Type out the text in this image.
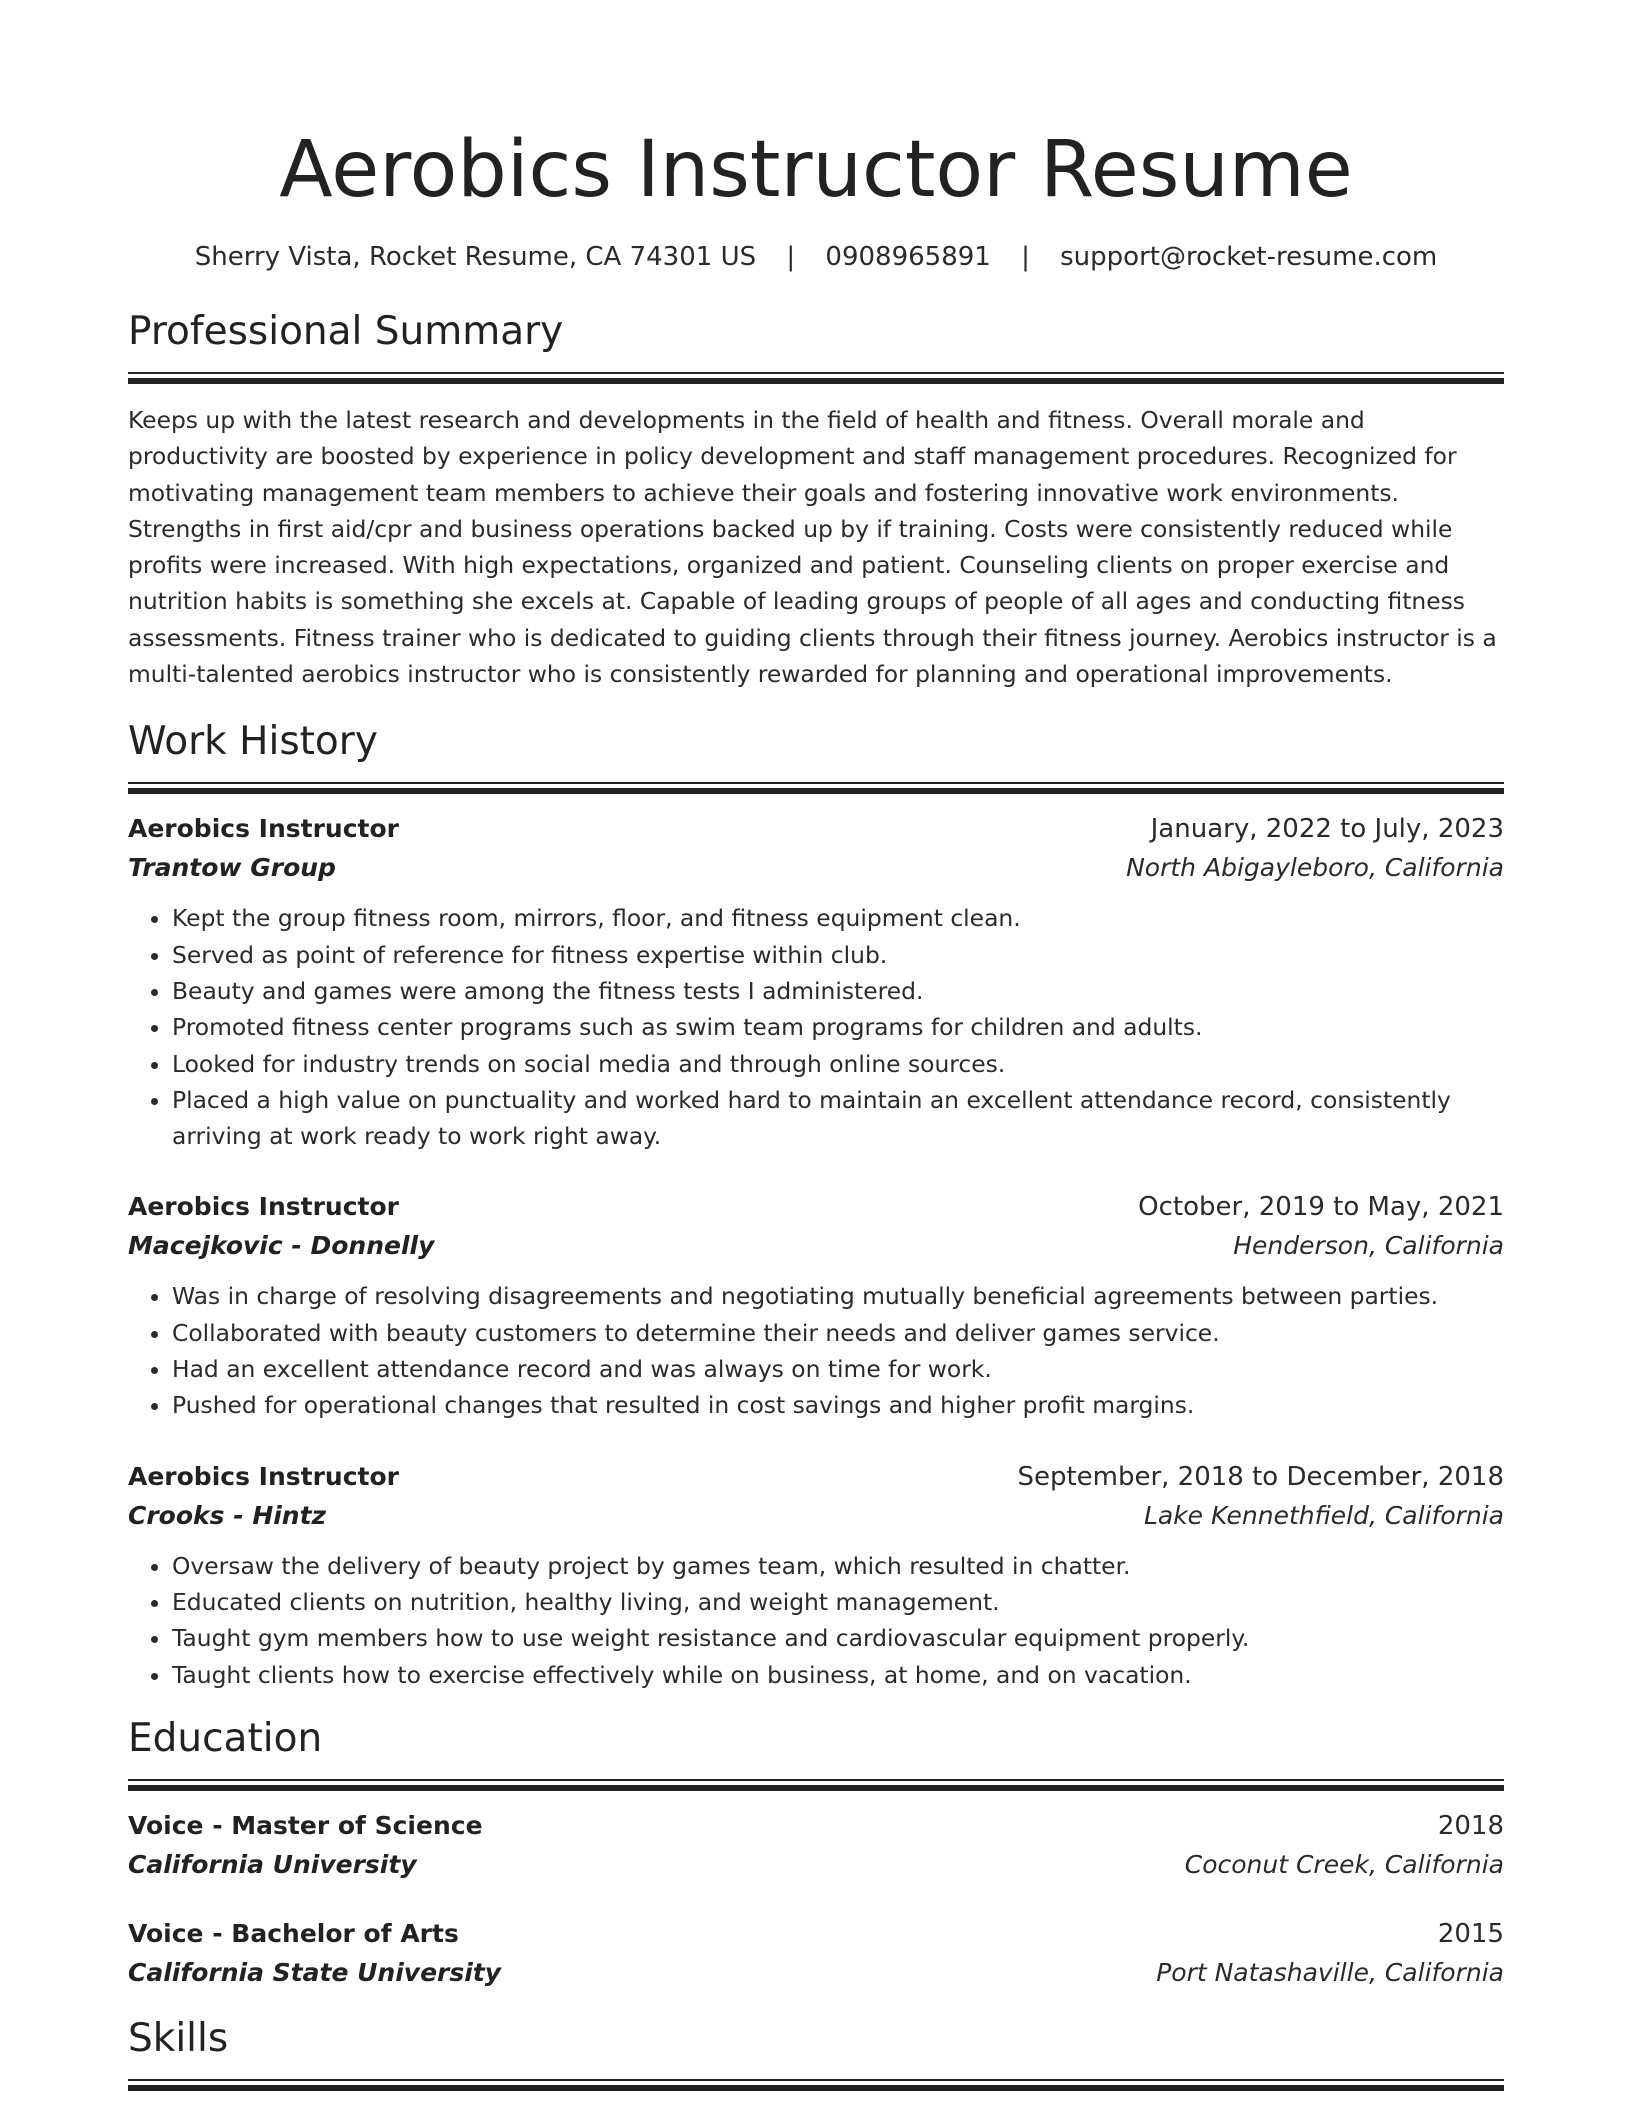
Aerobics Instructor Resume
Sherry Vista, Rocket Resume, CA 74301 US | 0908965891 | support@rocket-resume.com
Professional Summary
Keeps up with the latest research and developments in the field of health and fitness. Overall morale and productivity are boosted by experience in policy development and staff management procedures. Recognized for motivating management team members to achieve their goals and fostering innovative work environments. Strengths in first aid/cpr and business operations backed up by if training. Costs were consistently reduced while profits were increased. With high expectations, organized and patient. Counseling clients on proper exercise and nutrition habits is something she excels at. Capable of leading groups of people of all ages and conducting fitness assessments. Fitness trainer who is dedicated to guiding clients through their fitness journey. Aerobics instructor is a multi-talented aerobics instructor who is consistently rewarded for planning and operational improvements.
Work History
Aerobics Instructor	January, 2022 to July, 2023
Trantow Group	North Abigayleboro, California
• Kept the group fitness room, mirrors, floor, and fitness equipment clean.
• Served as point of reference for fitness expertise within club.
• Beauty and games were among the fitness tests I administered.
• Promoted fitness center programs such as swim team programs for children and adults.
• Looked for industry trends on social media and through online sources.
• Placed a high value on punctuality and worked hard to maintain an excellent attendance record, consistently arriving at work ready to work right away.
Aerobics Instructor	October, 2019 to May, 2021
Macejkovic - Donnelly	Henderson, California
• Was in charge of resolving disagreements and negotiating mutually beneficial agreements between parties.
• Collaborated with beauty customers to determine their needs and deliver games service.
• Had an excellent attendance record and was always on time for work.
• Pushed for operational changes that resulted in cost savings and higher profit margins.
Aerobics Instructor	September, 2018 to December, 2018
Crooks - Hintz	Lake Kennethfield, California
• Oversaw the delivery of beauty project by games team, which resulted in chatter.
• Educated clients on nutrition, healthy living, and weight management.
• Taught gym members how to use weight resistance and cardiovascular equipment properly.
• Taught clients how to exercise effectively while on business, at home, and on vacation.
Education
Voice - Master of Science	2018
California University	Coconut Creek, California
Voice - Bachelor of Arts	2015
California State University	Port Natashaville, California
Skills
